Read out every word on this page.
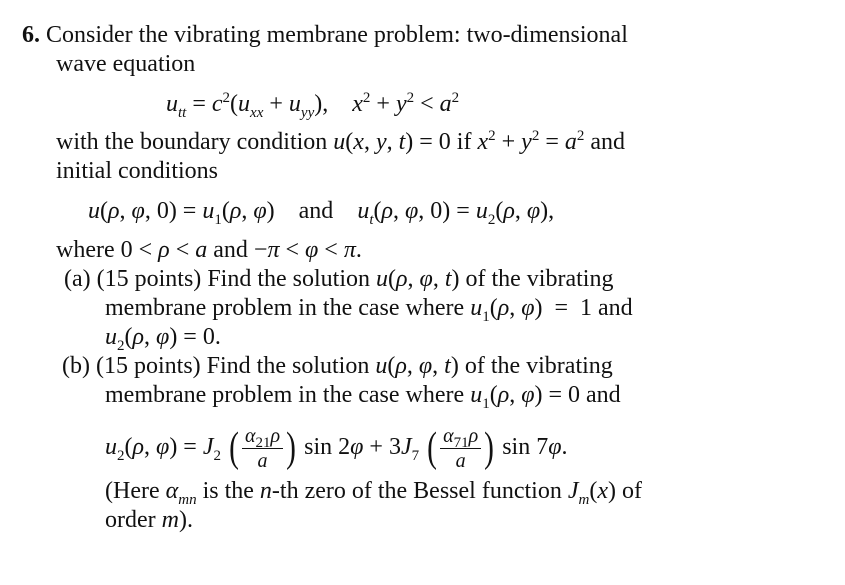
6. Consider the vibrating membrane problem: two-dimensional
wave equation
$u_{tt} = c^2(u_{xx} + u_{yy})$,    $x^2 + y^2 < a^2$
with the boundary condition u(x, y, t) = 0 if $x^2 + y^2 = a^2$ and
initial conditions
u(ρ, φ, $0) = u_1(\rho$, φ)    and    $u_t(\rho$, φ, $0) = u_2(\rho$, φ),
where 0 < ρ < a and −π < φ < π.
(a) (15 points) Find the solution u(ρ, φ, t) of the vibrating
membrane problem in the case where $u_1(\rho$, φ)  =  1 and
$u_2(\rho$, φ) = 0.
(b) (15 points) Find the solution u(ρ, φ, t) of the vibrating
membrane problem in the case where $u_1(\rho$, φ) = 0 and
$u_2(\rho$, $\varphi) = J_2$ ( $\frac{\alpha_{21}\rho}{a}$ ) $\sin 2\varphi + 3J_7$ ( $\frac{\alpha_{71}\rho}{a}$ ) sin 7φ.
(Here $\alpha_{mn}$ is the n-th zero of the Bessel function $J_m(x)$ of
order m).
